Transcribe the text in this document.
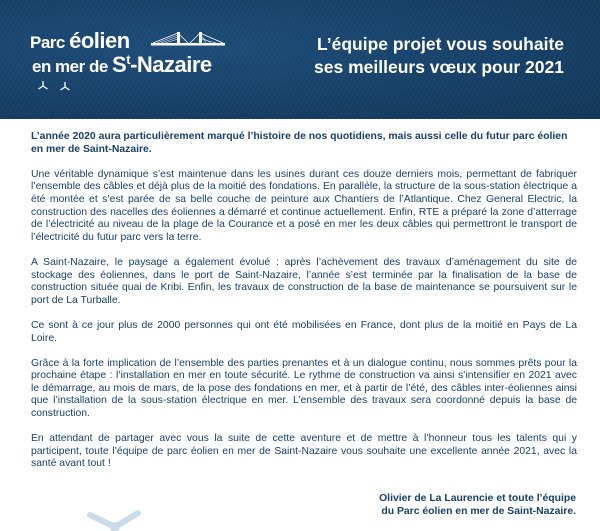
Parc éolien
en mer de $S^t$-Nazaire
L’équipe projet vous souhaite
ses meilleurs vœux pour 2021

L’année 2020 aura particulièrement marqué l’histoire de nos quotidiens, mais aussi celle du futur parc éolien en mer de Saint-Nazaire.

Une véritable dynamique s’est maintenue dans les usines durant ces douze derniers mois, permettant de fabriquer l’ensemble des câbles et déjà plus de la moitié des fondations. En parallèle, la structure de la sous-station électrique a été montée et s’est parée de sa belle couche de peinture aux Chantiers de l’Atlantique. Chez General Electric, la construction des nacelles des éoliennes a démarré et continue actuellement. Enfin, RTE a préparé la zone d’atterrage de l’électricité au niveau de la plage de la Courance et a posé en mer les deux câbles qui permettront le transport de l’électricité du futur parc vers la terre.

A Saint-Nazaire, le paysage a également évolué : après l’achèvement des travaux d’aménagement du site de stockage des éoliennes, dans le port de Saint-Nazaire, l’année s’est terminée par la finalisation de la base de construction située quai de Kribi. Enfin, les travaux de construction de la base de maintenance se poursuivent sur le port de La Turballe.

Ce sont à ce jour plus de 2000 personnes qui ont été mobilisées en France, dont plus de la moitié en Pays de La Loire.

Grâce à la forte implication de l’ensemble des parties prenantes et à un dialogue continu, nous sommes prêts pour la prochaine étape : l’installation en mer en toute sécurité. Le rythme de construction va ainsi s’intensifier en 2021 avec le démarrage, au mois de mars, de la pose des fondations en mer, et à partir de l’été, des câbles inter-éoliennes ainsi que l’installation de la sous-station électrique en mer. L’ensemble des travaux sera coordonné depuis la base de construction.

En attendant de partager avec vous la suite de cette aventure et de mettre à l’honneur tous les talents qui y participent, toute l’équipe de parc éolien en mer de Saint-Nazaire vous souhaite une excellente année 2021, avec la santé avant tout !

Olivier de La Laurencie et toute l’équipe
du Parc éolien en mer de Saint-Nazaire.
